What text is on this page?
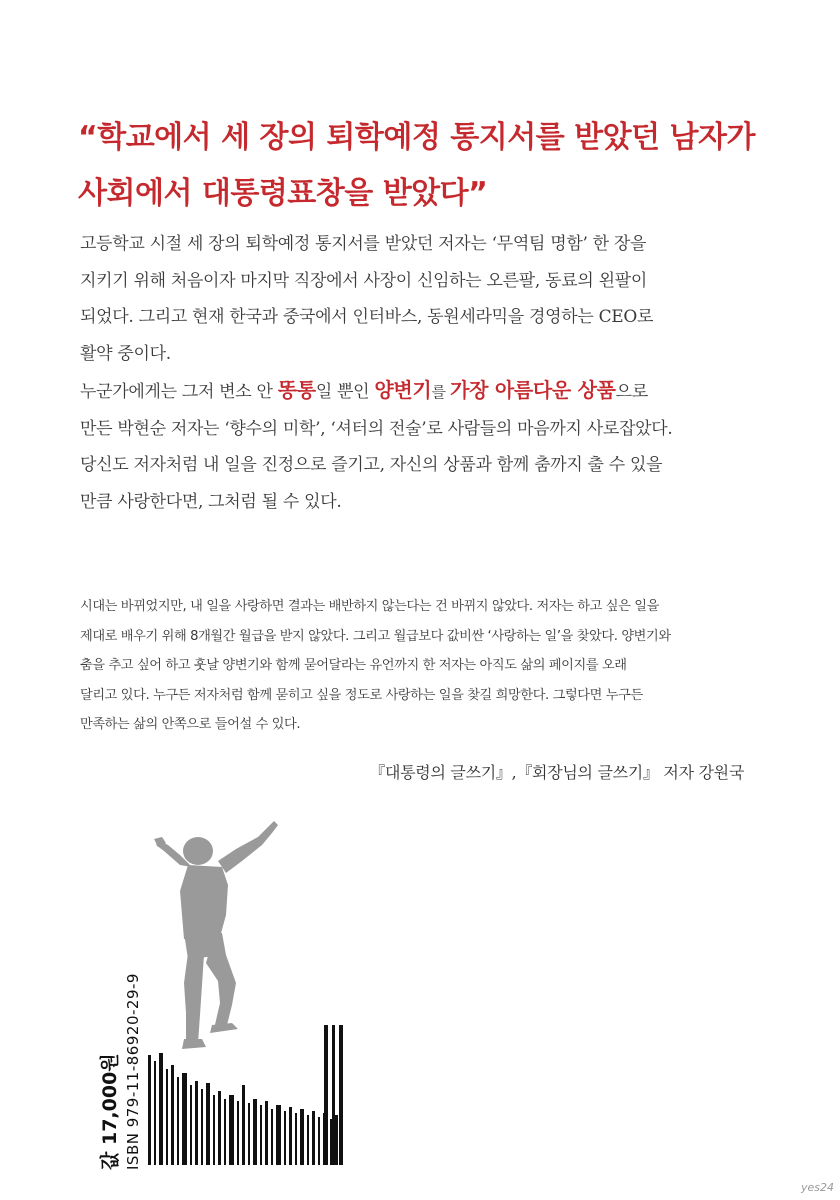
“학교에서 세 장의 퇴학예정 통지서를 받았던 남자가
사회에서 대통령표창을 받았다”
고등학교 시절 세 장의 퇴학예정 통지서를 받았던 저자는 ‘무역팀 명함’ 한 장을
지키기 위해 처음이자 마지막 직장에서 사장이 신임하는 오른팔, 동료의 왼팔이
되었다. 그리고 현재 한국과 중국에서 인터바스, 동원세라믹을 경영하는 CEO로
활약 중이다.
누군가에게는 그저 변소 안 똥통일 뿐인 양변기를 가장 아름다운 상품으로
만든 박현순 저자는 ‘향수의 미학’, ‘셔터의 전술’로 사람들의 마음까지 사로잡았다.
당신도 저자처럼 내 일을 진정으로 즐기고, 자신의 상품과 함께 춤까지 출 수 있을
만큼 사랑한다면, 그처럼 될 수 있다.
시대는 바뀌었지만, 내 일을 사랑하면 결과는 배반하지 않는다는 건 바뀌지 않았다. 저자는 하고 싶은 일을
제대로 배우기 위해 8개월간 월급을 받지 않았다. 그리고 월급보다 값비싼 ‘사랑하는 일’을 찾았다. 양변기와
춤을 추고 싶어 하고 훗날 양변기와 함께 묻어달라는 유언까지 한 저자는 아직도 삶의 페이지를 오래
달리고 있다. 누구든 저자처럼 함께 묻히고 싶을 정도로 사랑하는 일을 찾길 희망한다. 그렇다면 누구든
만족하는 삶의 안쪽으로 들어설 수 있다.
『대통령의 글쓰기』,『회장님의 글쓰기』 저자 강원국
값 17,000원 ISBN 979-11-86920-29-9
yes24
